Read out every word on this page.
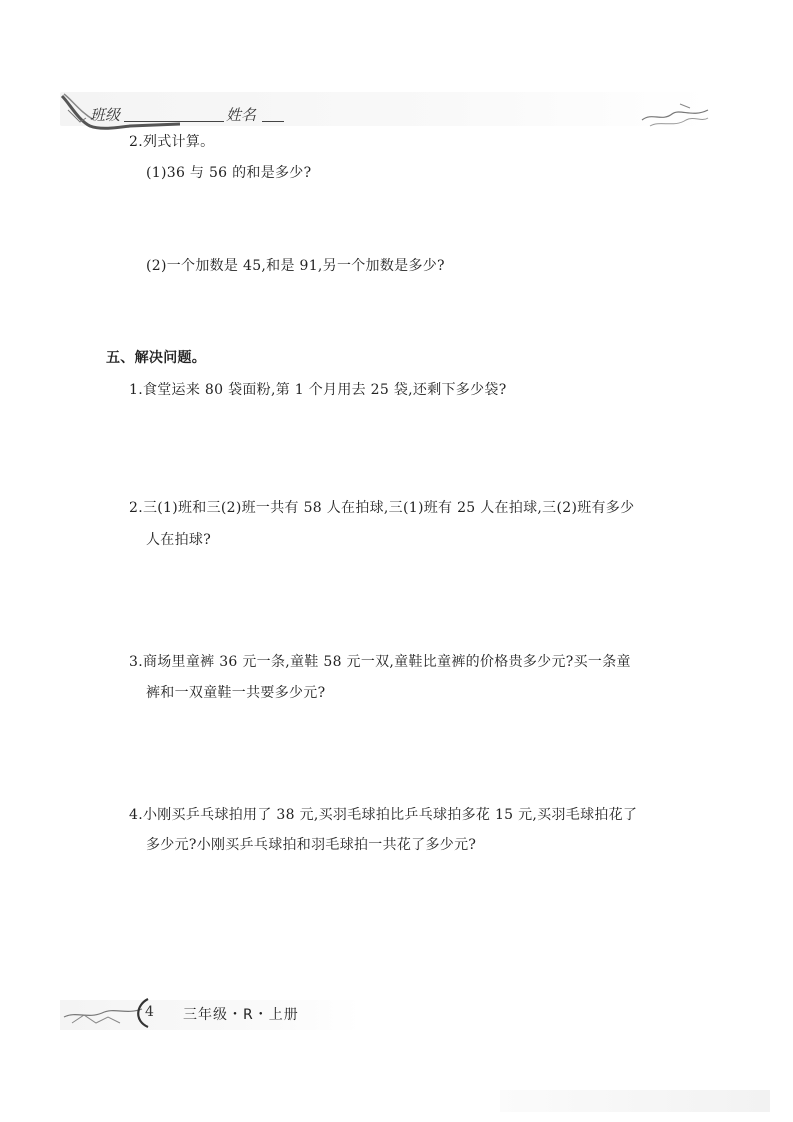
班级	姓名
2.列式计算。
(1)36 与 56 的和是多少?
(2)一个加数是 45,和是 91,另一个加数是多少?
五、解决问题。
1.食堂运来 80 袋面粉,第 1 个月用去 25 袋,还剩下多少袋?
2.三(1)班和三(2)班一共有 58 人在拍球,三(1)班有 25 人在拍球,三(2)班有多少
人在拍球?
3.商场里童裤 36 元一条,童鞋 58 元一双,童鞋比童裤的价格贵多少元?买一条童
裤和一双童鞋一共要多少元?
4.小刚买乒乓球拍用了 38 元,买羽毛球拍比乒乓球拍多花 15 元,买羽毛球拍花了
多少元?小刚买乒乓球拍和羽毛球拍一共花了多少元?
4 三年级・R・上册
